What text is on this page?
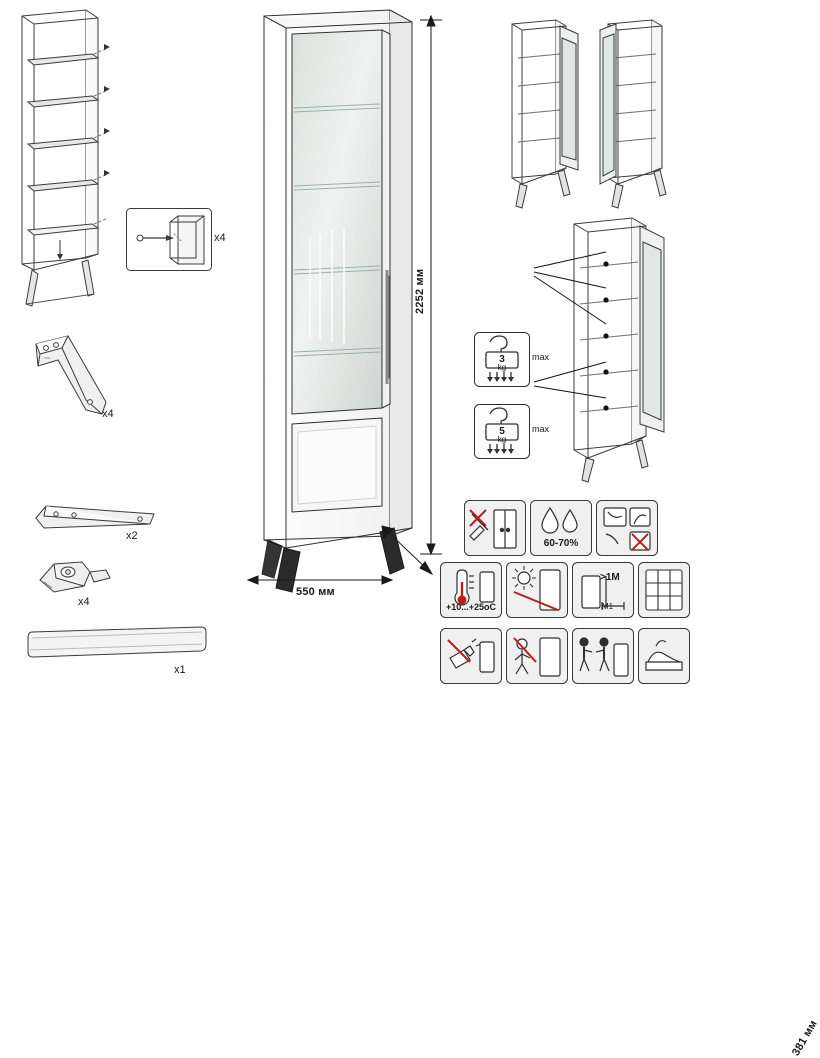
х4
х4
х2
х4
х1
2252 мм
550 мм
381 мм
3
kg
max
5
kg
max
60-70%
+10...+25оC
>1M
М1
